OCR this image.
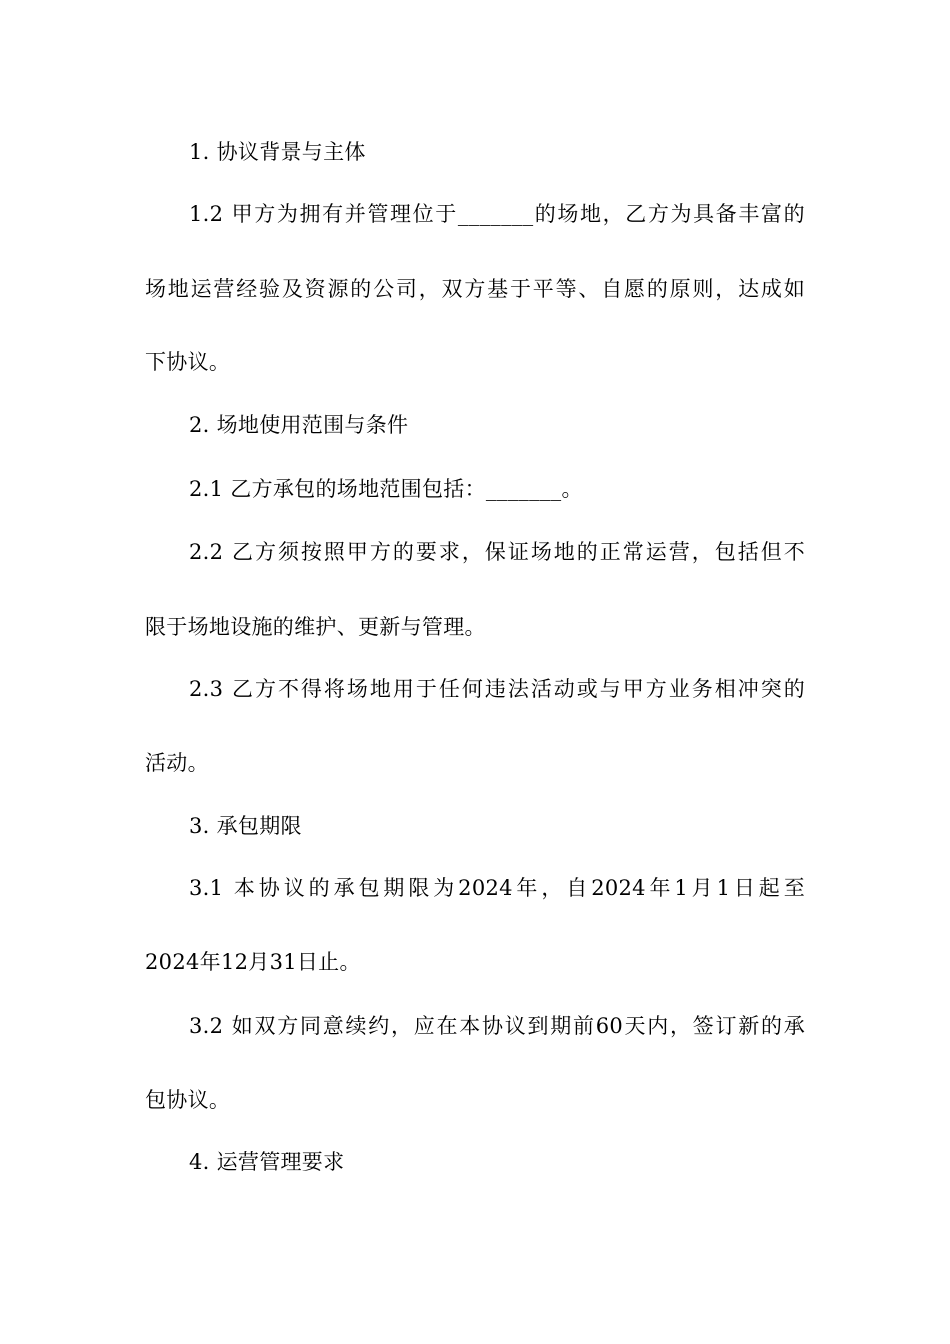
1. 协议背景与主体
1.2 甲方为拥有并管理位于_______的场地，乙方为具备丰富的
场地运营经验及资源的公司，双方基于平等、自愿的原则，达成如
下协议。
2. 场地使用范围与条件
2.1 乙方承包的场地范围包括：_______。
2.2 乙方须按照甲方的要求，保证场地的正常运营，包括但不
限于场地设施的维护、更新与管理。
2.3 乙方不得将场地用于任何违法活动或与甲方业务相冲突的
活动。
3. 承包期限
3.1 本协议的承包期限为2024年，自2024年1月1日起至
2024年12月31日止。
3.2 如双方同意续约，应在本协议到期前60天内，签订新的承
包协议。
4. 运营管理要求
